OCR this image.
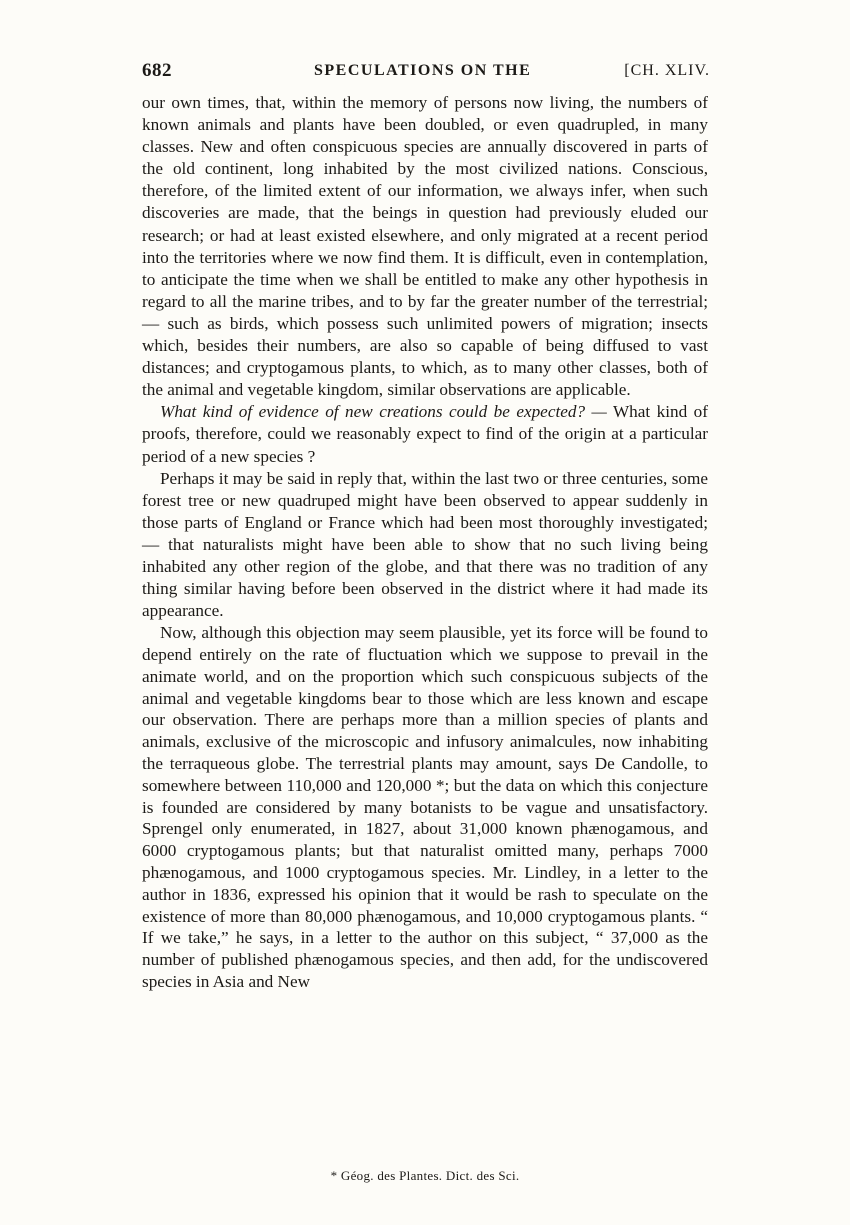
682	SPECULATIONS ON THE	[CH. XLIV.

our own times, that, within the memory of persons now living, the numbers of known animals and plants have been doubled, or even quadrupled, in many classes. New and often conspicuous species are annually discovered in parts of the old continent, long inhabited by the most civilized nations. Conscious, therefore, of the limited extent of our information, we always infer, when such discoveries are made, that the beings in question had previously eluded our research; or had at least existed elsewhere, and only migrated at a recent period into the territories where we now find them. It is difficult, even in contemplation, to anticipate the time when we shall be entitled to make any other hypothesis in regard to all the marine tribes, and to by far the greater number of the terrestrial; — such as birds, which possess such unlimited powers of migration; insects which, besides their numbers, are also so capable of being diffused to vast distances; and cryptogamous plants, to which, as to many other classes, both of the animal and vegetable kingdom, similar observations are applicable.

What kind of evidence of new creations could be expected? — What kind of proofs, therefore, could we reasonably expect to find of the origin at a particular period of a new species ?

Perhaps it may be said in reply that, within the last two or three centuries, some forest tree or new quadruped might have been observed to appear suddenly in those parts of England or France which had been most thoroughly investigated; — that naturalists might have been able to show that no such living being inhabited any other region of the globe, and that there was no tradition of any thing similar having before been observed in the district where it had made its appearance.

Now, although this objection may seem plausible, yet its force will be found to depend entirely on the rate of fluctuation which we suppose to prevail in the animate world, and on the proportion which such conspicuous subjects of the animal and vegetable kingdoms bear to those which are less known and escape our observation. There are perhaps more than a million species of plants and animals, exclusive of the microscopic and infusory animalcules, now inhabiting the terraqueous globe. The terrestrial plants may amount, says De Candolle, to somewhere between 110,000 and 120,000 *; but the data on which this conjecture is founded are considered by many botanists to be vague and unsatisfactory. Sprengel only enumerated, in 1827, about 31,000 known phænogamous, and 6000 cryptogamous plants; but that naturalist omitted many, perhaps 7000 phænogamous, and 1000 cryptogamous species. Mr. Lindley, in a letter to the author in 1836, expressed his opinion that it would be rash to speculate on the existence of more than 80,000 phænogamous, and 10,000 cryptogamous plants. “ If we take,” he says, in a letter to the author on this subject, “ 37,000 as the number of published phænogamous species, and then add, for the undiscovered species in Asia and New

* Géog. des Plantes. Dict. des Sci.
